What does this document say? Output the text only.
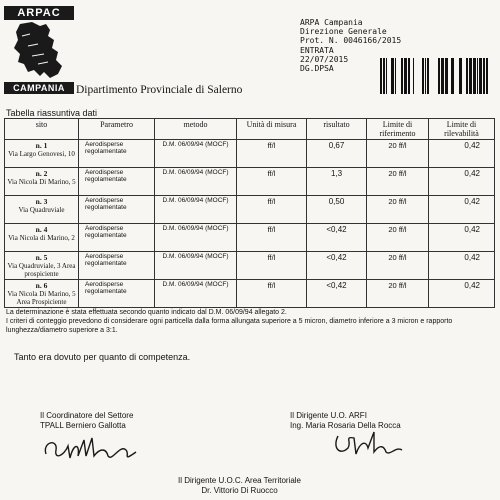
ARPAC
CAMPANIA Dipartimento Provinciale di Salerno
ARPA Campania
Direzione Generale
Prot. N. 0046166/2015
ENTRATA
22/07/2015
DG.DPSA
Tabella riassuntiva dati
sito	Parametro	metodo	Unità di misura	risultato	Limite di riferimento	Limite di rilevabilità

n. 1
Via Largo Genovesi, 10	Aerodisperse regolamentate	D.M. 06/09/94 (MOCF)	ff/l	0,67	20 ff/l	0,42

n. 2
Via Nicola Di Marino, 5	Aerodisperse regolamentate	D.M. 06/09/94 (MOCF)	ff/l	1,3	20 ff/l	0,42

n. 3
Via Quadruviale	Aerodisperse regolamentate	D.M. 06/09/94 (MOCF)	ff/l	0,50	20 ff/l	0,42

n. 4
Via Nicola di Marino, 2	Aerodisperse regolamentate	D.M. 06/09/94 (MOCF)	ff/l	<0,42	20 ff/l	0,42

n. 5
Via Quadruviale, 3 Area prospiciente	Aerodisperse regolamentate	D.M. 06/09/94 (MOCF)	ff/l	<0,42	20 ff/l	0,42

n. 6
Via Nicola Di Marino, 5 Area Prospiciente	Aerodisperse regolamentate	D.M. 06/09/94 (MOCF)	ff/l	<0,42	20 ff/l	0,42
La determinazione è stata effettuata secondo quanto indicato dal D.M. 06/09/94 allegato 2.
I criteri di conteggio prevedono di considerare ogni particella dalla forma allungata superiore a 5 micron, diametro inferiore a 3 micron e rapporto lunghezza/diametro superiore a 3:1.
Tanto era dovuto per quanto di competenza.
Il Coordinatore del Settore
TPALL Berniero Gallotta
Il Dirigente U.O. ARFI
Ing. Maria Rosaria Della Rocca
Il Dirigente U.O.C. Area Territoriale
Dr. Vittorio Di Ruocco
